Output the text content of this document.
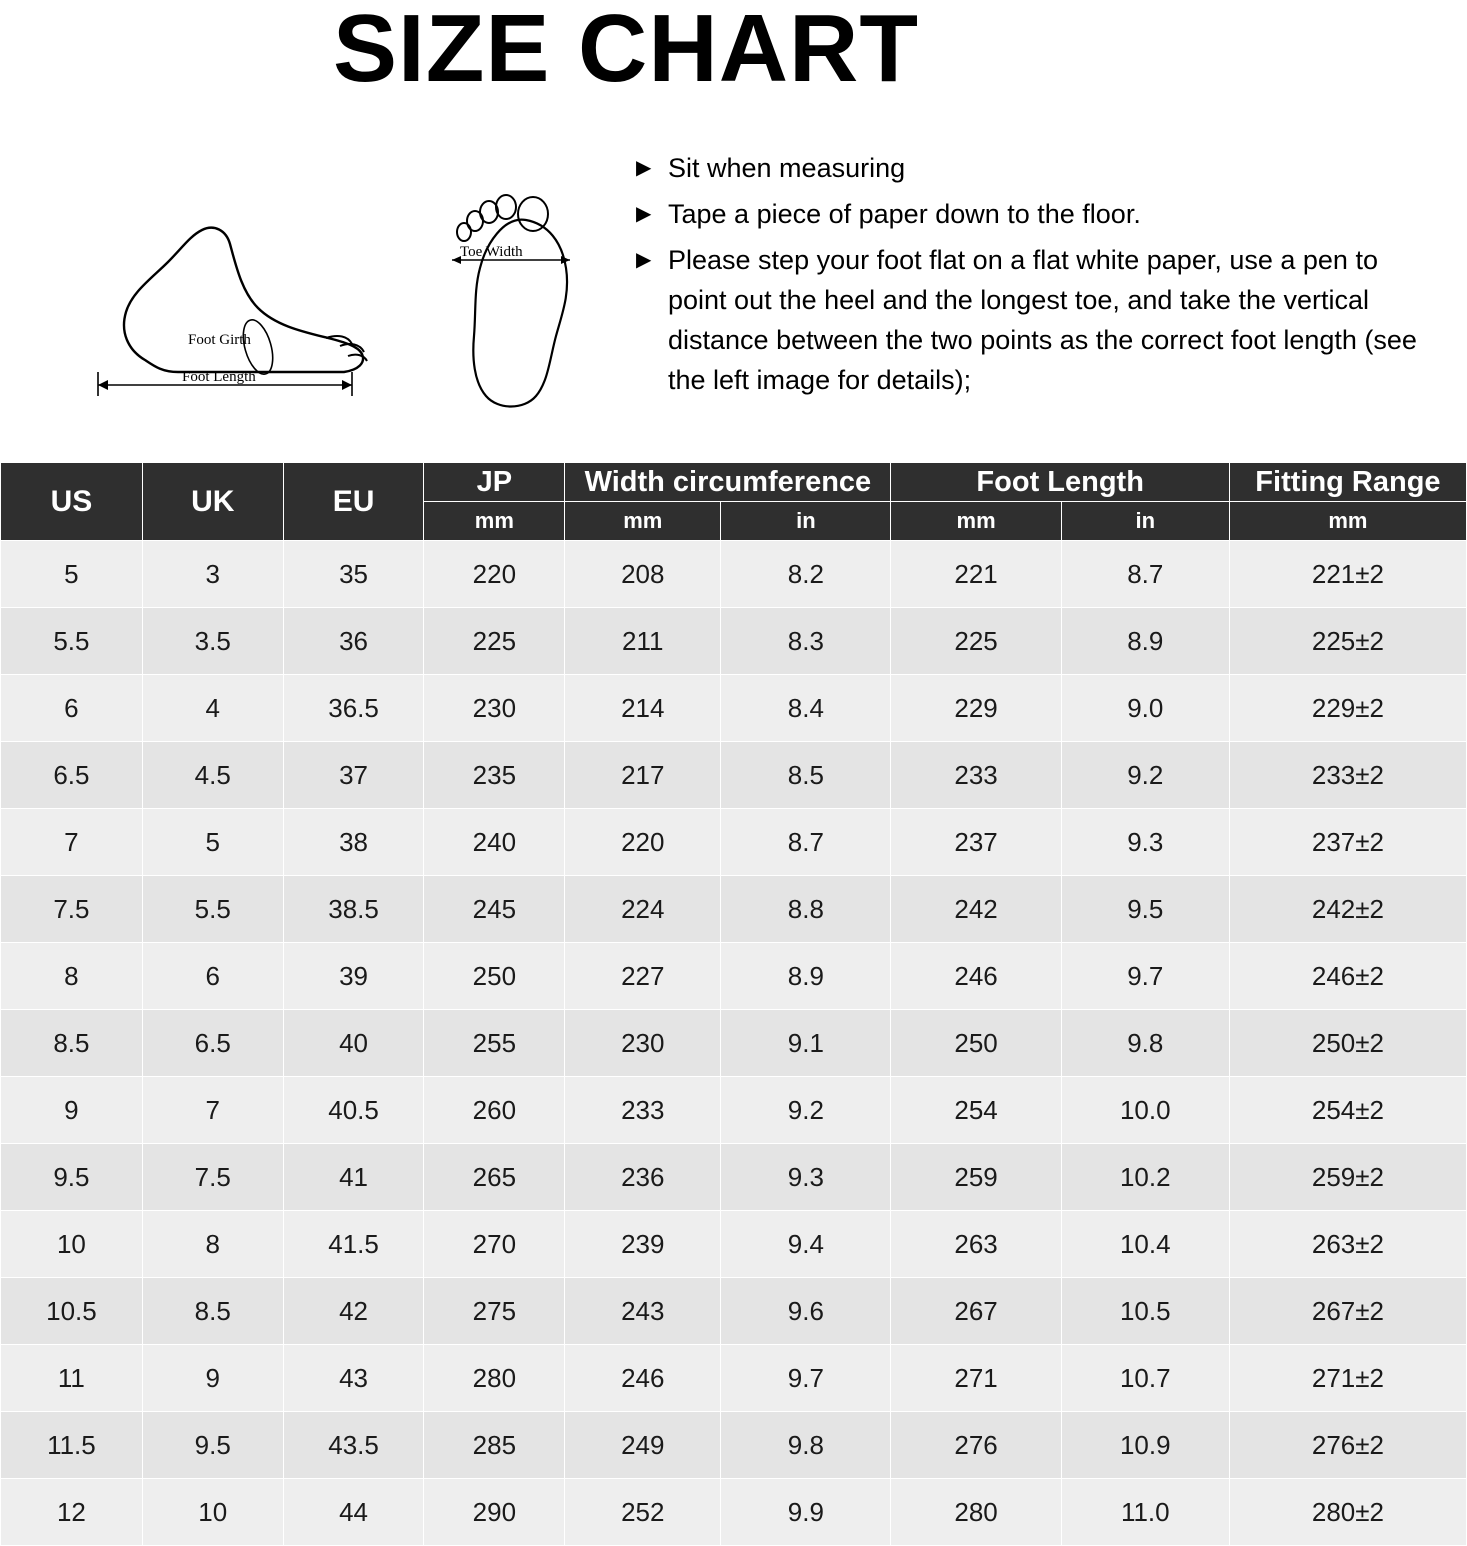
SIZE CHART
Foot Girth
Foot Length
Toe Width
▶ Sit when measuring
▶ Tape a piece of paper down to the floor.
▶ Please step your foot flat on a flat white paper, use a pen to point out the heel and the longest toe, and take the vertical distance between the two points as the correct foot length (see the left image for details);
US	UK	EU	JP	Width circumference		Foot Length		Fitting Range
			mm	mm	in	mm	in	mm
5	3	35	220	208	8.2	221	8.7	221±2
5.5	3.5	36	225	211	8.3	225	8.9	225±2
6	4	36.5	230	214	8.4	229	9.0	229±2
6.5	4.5	37	235	217	8.5	233	9.2	233±2
7	5	38	240	220	8.7	237	9.3	237±2
7.5	5.5	38.5	245	224	8.8	242	9.5	242±2
8	6	39	250	227	8.9	246	9.7	246±2
8.5	6.5	40	255	230	9.1	250	9.8	250±2
9	7	40.5	260	233	9.2	254	10.0	254±2
9.5	7.5	41	265	236	9.3	259	10.2	259±2
10	8	41.5	270	239	9.4	263	10.4	263±2
10.5	8.5	42	275	243	9.6	267	10.5	267±2
11	9	43	280	246	9.7	271	10.7	271±2
11.5	9.5	43.5	285	249	9.8	276	10.9	276±2
12	10	44	290	252	9.9	280	11.0	280±2
